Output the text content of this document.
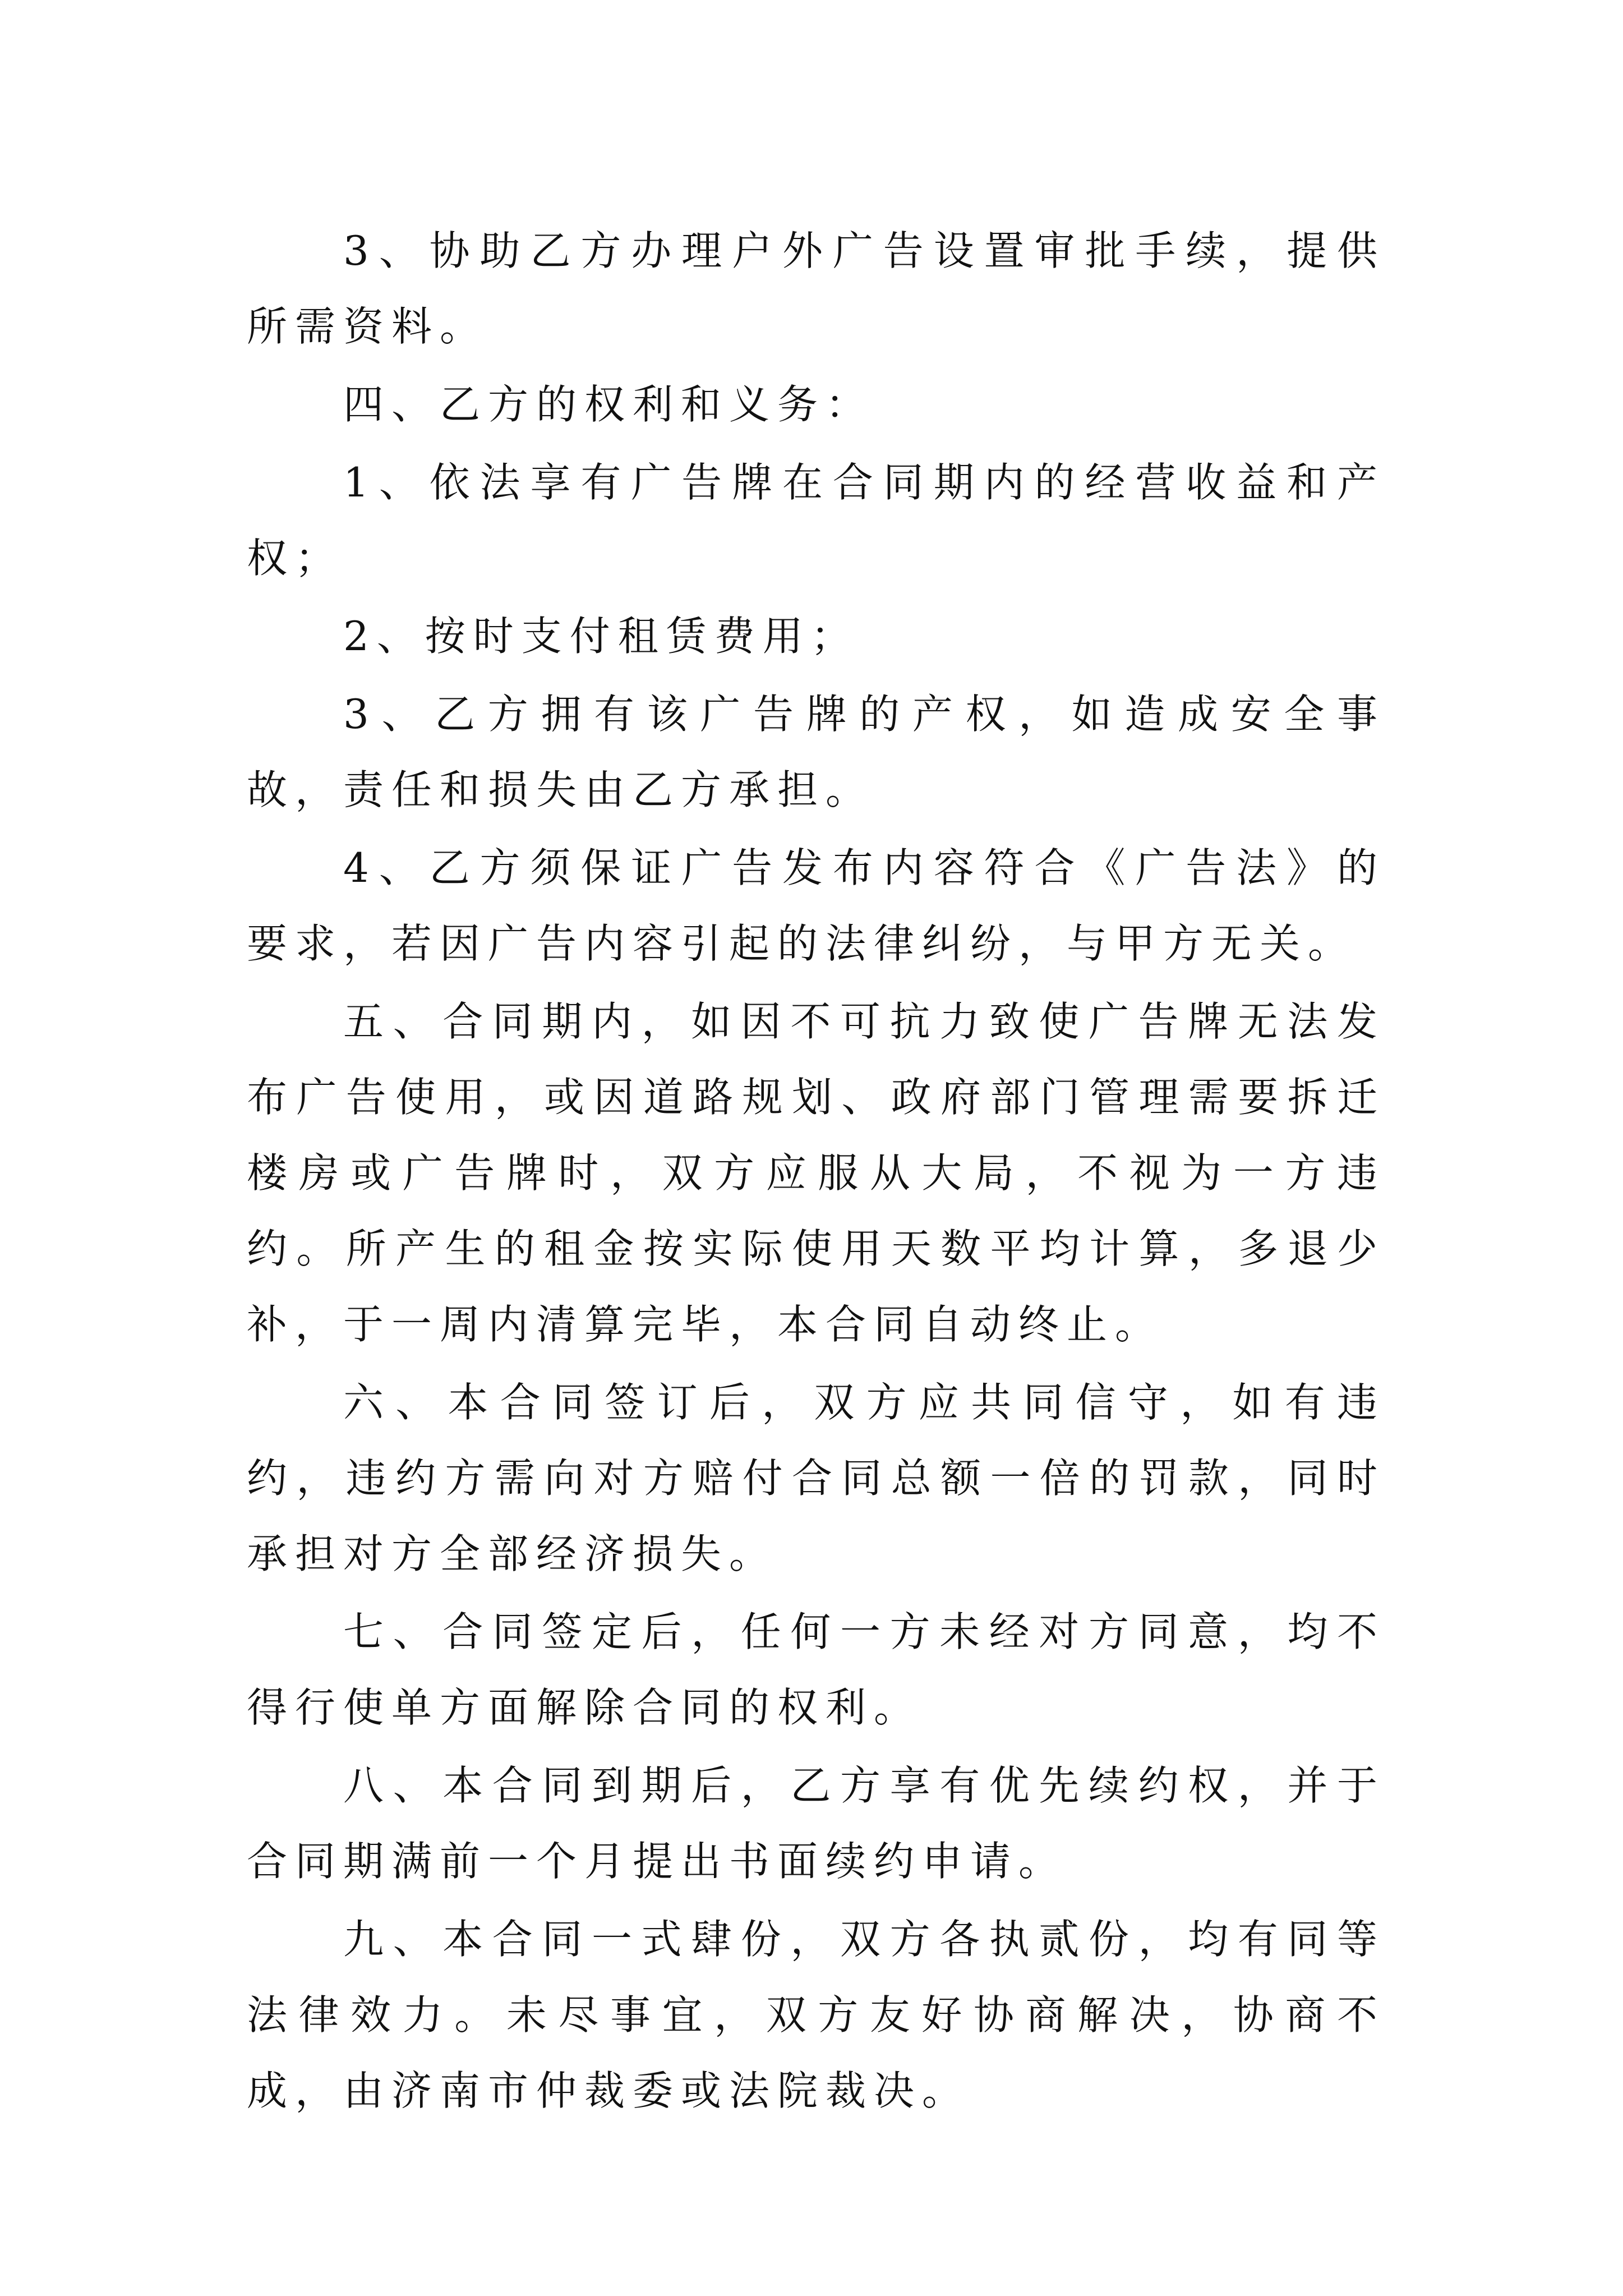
3、协助乙方办理户外广告设置审批手续，提供所需资料。

四、乙方的权利和义务：

1、依法享有广告牌在合同期内的经营收益和产权；

2、按时支付租赁费用；

3、乙方拥有该广告牌的产权，如造成安全事故，责任和损失由乙方承担。

4、乙方须保证广告发布内容符合《广告法》的要求，若因广告内容引起的法律纠纷，与甲方无关。

五、合同期内，如因不可抗力致使广告牌无法发布广告使用，或因道路规划、政府部门管理需要拆迁楼房或广告牌时，双方应服从大局，不视为一方违约。所产生的租金按实际使用天数平均计算，多退少补，于一周内清算完毕，本合同自动终止。

六、本合同签订后，双方应共同信守，如有违约，违约方需向对方赔付合同总额一倍的罚款，同时承担对方全部经济损失。

七、合同签定后，任何一方未经对方同意，均不得行使单方面解除合同的权利。

八、本合同到期后，乙方享有优先续约权，并于合同期满前一个月提出书面续约申请。

九、本合同一式肆份，双方各执贰份，均有同等法律效力。未尽事宜，双方友好协商解决，协商不成，由济南市仲裁委或法院裁决。
